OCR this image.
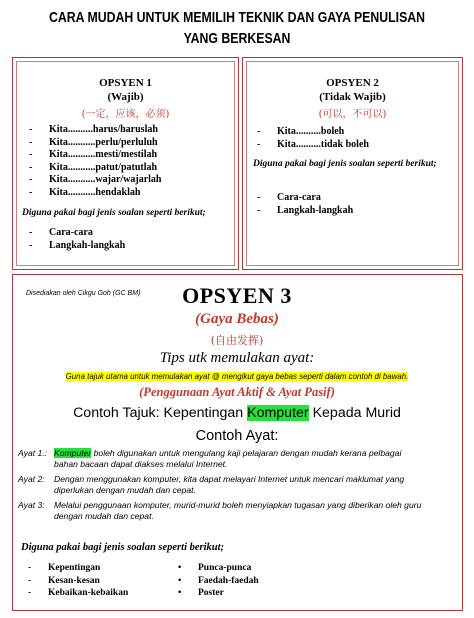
CARA MUDAH UNTUK MEMILIH TEKNIK DAN GAYA PENULISAN
YANG BERKESAN
OPSYEN 1
(Wajib)
(一定，应该，必须)
- Kita..........harus/haruslah
- Kita...........perlu/perluluh
- Kita...........mesti/mestilah
- Kita...........patut/patutlah
- Kita...........wajar/wajarlah
- Kita...........hendaklah
Diguna pakai bagi jenis soalan seperti berikut;
- Cara-cara
- Langkah-langkah
OPSYEN 2
(Tidak Wajib)
(可以，不可以)
- Kita..........boleh
- Kita..........tidak boleh
Diguna pakai bagi jenis soalan seperti berikut;
- Cara-cara
- Langkah-langkah
Disediakan oleh Cikgu Goh (GC BM)	OPSYEN 3
(Gaya Bebas)
(自由发挥)
Tips utk memulakan ayat:
Guna tajuk utama untuk memulakan ayat @ mengikut gaya bebas seperti dalam contoh di bawah.
(Penggunaan Ayat Aktif & Ayat Pasif)
Contoh Tajuk: Kepentingan Komputer Kepada Murid
Contoh Ayat:
Ayat 1.: Komputer boleh digunakan untuk mengulang kaji pelajaran dengan mudah kerana pelbagai
bahan bacaan dapat diakses melalui Internet.
Ayat 2: Dengan menggunakan komputer, kita dapat melayari Internet untuk mencari maklumat yang
diperlukan dengan mudah dan cepat.
Ayat 3: Melalui penggunaan komputer, murid-murid boleh menyiapkan tugasan yang diberikan oleh guru
dengan mudah dan cepat.
Diguna pakai bagi jenis soalan seperti berikut;
- Kepentingan
- Kesan-kesan
- Kebaikan-kebaikan
• Punca-punca
• Faedah-faedah
• Poster
